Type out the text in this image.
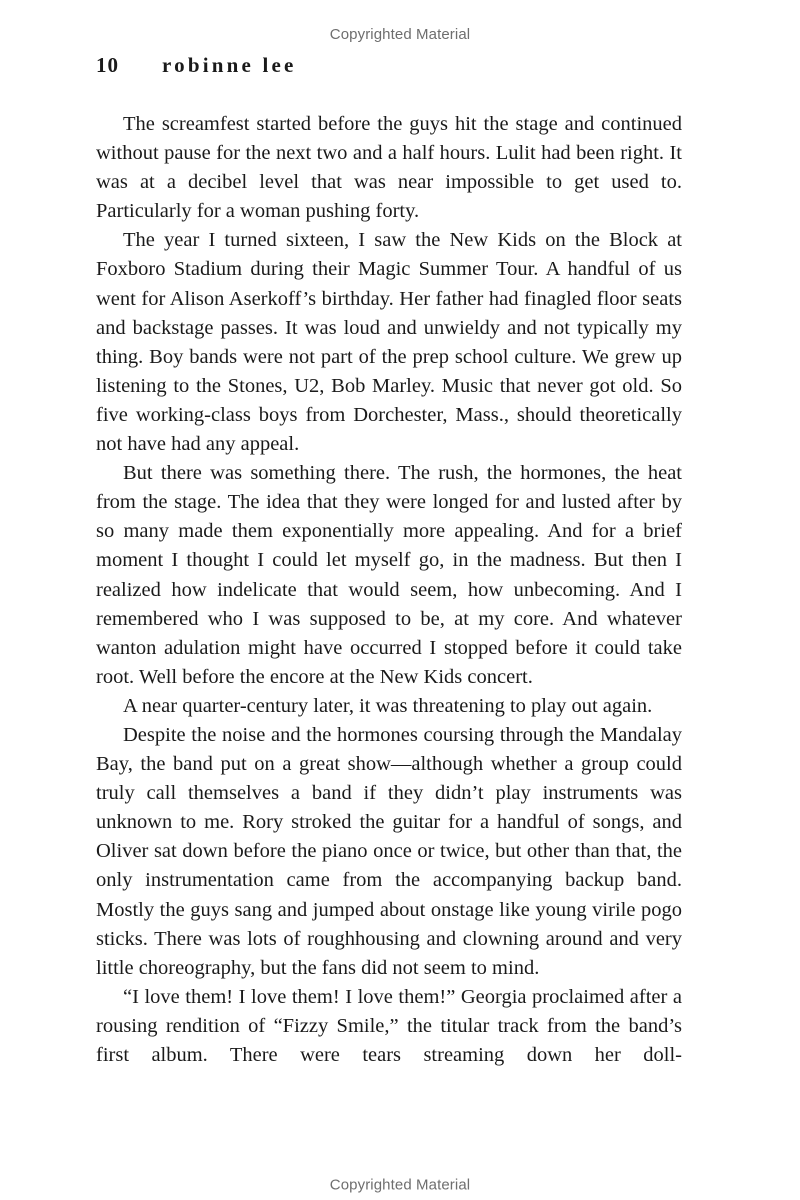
Copyrighted Material
10 robinne lee

The screamfest started before the guys hit the stage and continued without pause for the next two and a half hours. Lulit had been right. It was at a decibel level that was near impossible to get used to. Particularly for a woman pushing forty.

The year I turned sixteen, I saw the New Kids on the Block at Foxboro Stadium during their Magic Summer Tour. A handful of us went for Alison Aserkoff’s birthday. Her father had finagled floor seats and backstage passes. It was loud and unwieldy and not typically my thing. Boy bands were not part of the prep school culture. We grew up listening to the Stones, U2, Bob Marley. Music that never got old. So five working-class boys from Dorchester, Mass., should theoretically not have had any appeal.

But there was something there. The rush, the hormones, the heat from the stage. The idea that they were longed for and lusted after by so many made them exponentially more appealing. And for a brief moment I thought I could let myself go, in the madness. But then I realized how indelicate that would seem, how unbecoming. And I remembered who I was supposed to be, at my core. And whatever wanton adulation might have occurred I stopped before it could take root. Well before the encore at the New Kids concert.

A near quarter-century later, it was threatening to play out again.

Despite the noise and the hormones coursing through the Mandalay Bay, the band put on a great show—although whether a group could truly call themselves a band if they didn’t play instruments was unknown to me. Rory stroked the guitar for a handful of songs, and Oliver sat down before the piano once or twice, but other than that, the only instrumentation came from the accompanying backup band. Mostly the guys sang and jumped about onstage like young virile pogo sticks. There was lots of roughhousing and clowning around and very little choreography, but the fans did not seem to mind.

“I love them! I love them! I love them!” Georgia proclaimed after a rousing rendition of “Fizzy Smile,” the titular track from the band’s first album. There were tears streaming down her doll-

Copyrighted Material
